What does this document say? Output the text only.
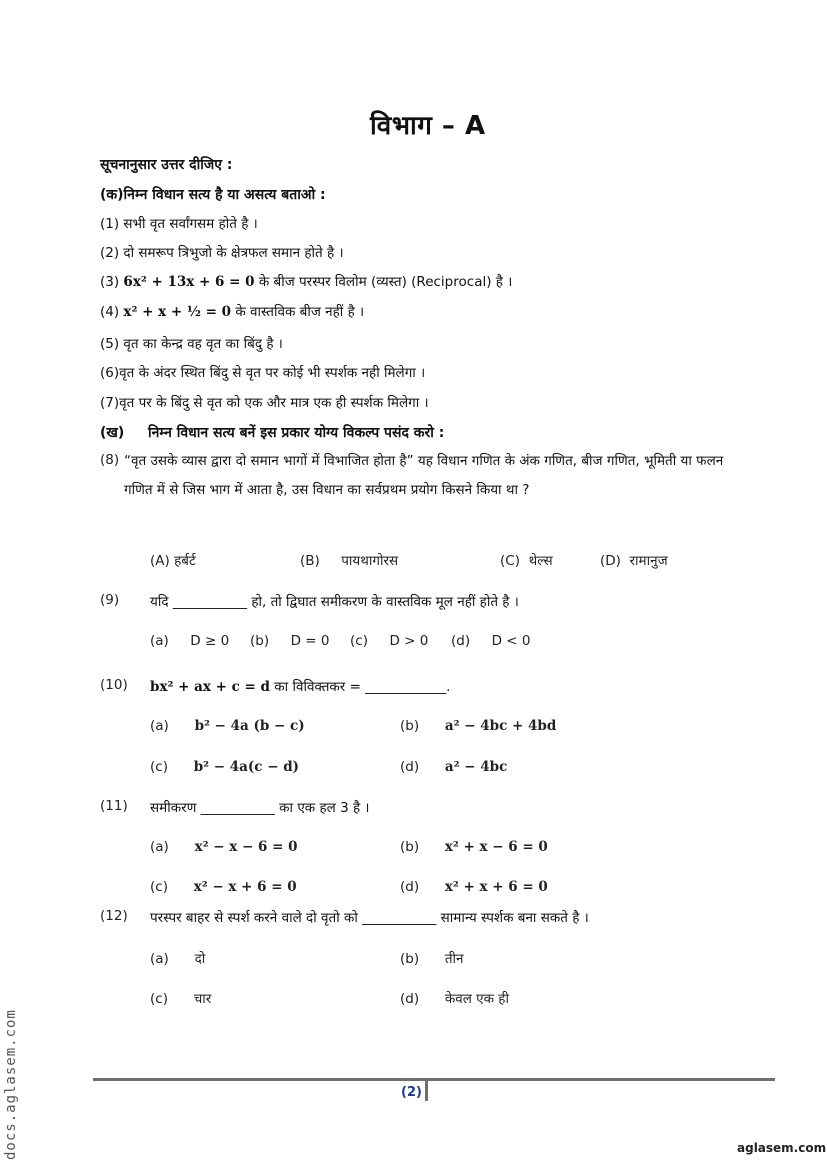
विभाग – A
सूचनानुसार उत्तर दीजिए :
(क)निम्न विधान सत्य है या असत्य बताओ :
(1) सभी वृत सर्वांगसम होते है ।
(2) दो समरूप त्रिभुजो के क्षेत्रफल समान होते है ।
(3) 6x² + 13x + 6 = 0 के बीज परस्पर विलोम (व्यस्त) (Reciprocal) है ।
(4) x² + x + ½ = 0 के वास्तविक बीज नहीं है ।
(5) वृत का केन्द्र वह वृत का बिंदु है ।
(6)वृत के अंदर स्थित बिंदु से वृत पर कोई भी स्पर्शक नही मिलेगा ।
(7)वृत पर के बिंदु से वृत को एक और मात्र एक ही स्पर्शक मिलेगा ।
(ख) निम्न विधान सत्य बनें इस प्रकार योग्य विकल्प पसंद करो :
(8) “वृत उसके व्यास द्वारा दो समान भागों में विभाजित होता है” यह विधान गणित के अंक गणित, बीज गणित, भूमिती या फलन गणित में से जिस भाग में आता है, उस विधान का सर्वप्रथम प्रयोग किसने किया था ?
(A) हर्बर्ट	(B) पायथागोरस	(C) थेल्स	(D) रामानुज
(9) यदि ___________ हो, तो द्विघात समीकरण के वास्तविक मूल नहीं होते है ।
(a) D ≥ 0 (b) D = 0 (c) D > 0 (d) D < 0
(10) bx² + ax + c = d का विविक्तकर = ____________.
(a) b² − 4a (b − c)	(b) a² − 4bc + 4bd
(c) b² − 4a(c − d)	(d) a² − 4bc
(11) समीकरण ___________ का एक हल 3 है ।
(a) x² − x − 6 = 0	(b) x² + x − 6 = 0
(c) x² − x + 6 = 0	(d) x² + x + 6 = 0
(12) परस्पर बाहर से स्पर्श करने वाले दो वृतो को ___________ सामान्य स्पर्शक बना सकते है ।
(a) दो	(b) तीन
(c) चार	(d) केवल एक ही
(2)
docs.aglasem.com	aglasem.com
